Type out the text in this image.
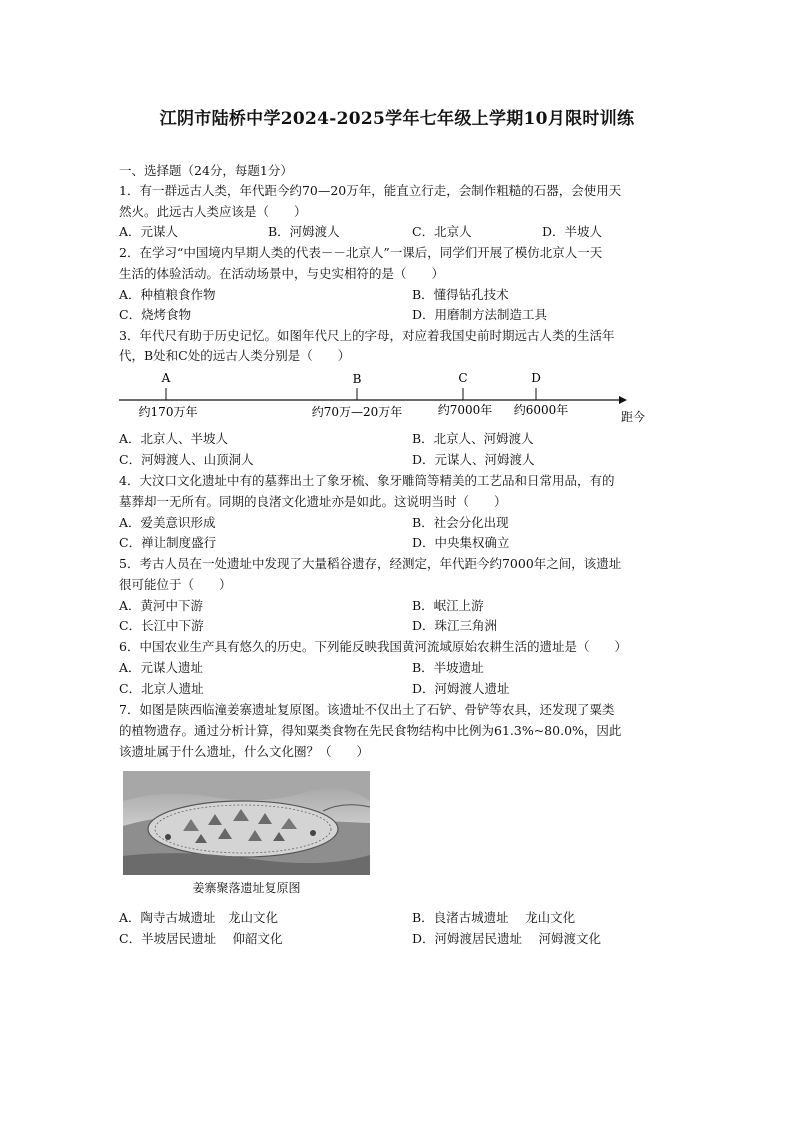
江阴市陆桥中学2024-2025学年七年级上学期10月限时训练
一、选择题（24分，每题1分）
1．有一群远古人类，年代距今约70—20万年，能直立行走，会制作粗糙的石器，会使用天
然火。此远古人类应该是（　　）
A．元谋人	B．河姆渡人	C．北京人	D．半坡人
2．在学习“中国境内早期人类的代表－－北京人”一课后，同学们开展了模仿北京人一天
生活的体验活动。在活动场景中，与史实相符的是（　　）
A．种植粮食作物	B．懂得钻孔技术
C．烧烤食物	D．用磨制方法制造工具
3．年代尺有助于历史记忆。如图年代尺上的字母，对应着我国史前时期远古人类的生活年
代，B处和C处的远古人类分别是（　　）
A	B	C	D
约170万年	约70万—20万年	约7000年 约6000年	距今
A．北京人、半坡人	B．北京人、河姆渡人
C．河姆渡人、山顶洞人	D．元谋人、河姆渡人
4．大汶口文化遗址中有的墓葬出土了象牙梳、象牙雕筒等精美的工艺品和日常用品，有的
墓葬却一无所有。同期的良渚文化遗址亦是如此。这说明当时（　　）
A．爱美意识形成	B．社会分化出现
C．禅让制度盛行	D．中央集权确立
5．考古人员在一处遗址中发现了大量稻谷遗存，经测定，年代距今约7000年之间，该遗址
很可能位于（　　）
A．黄河中下游	B．岷江上游
C．长江中下游	D．珠江三角洲
6．中国农业生产具有悠久的历史。下列能反映我国黄河流域原始农耕生活的遗址是（　　）
A．元谋人遗址	B．半坡遗址
C．北京人遗址	D．河姆渡人遗址
7．如图是陕西临潼姜寨遗址复原图。该遗址不仅出土了石铲、骨铲等农具，还发现了粟类
的植物遗存。通过分析计算，得知粟类食物在先民食物结构中比例为61.3%~80.0%，因此
该遗址属于什么遗址，什么文化圈？（　　）
姜寨聚落遗址复原图
A．陶寺古城遗址　龙山文化	B．良渚古城遗址　 龙山文化
C．半坡居民遗址　 仰韶文化	D．河姆渡居民遗址　 河姆渡文化
